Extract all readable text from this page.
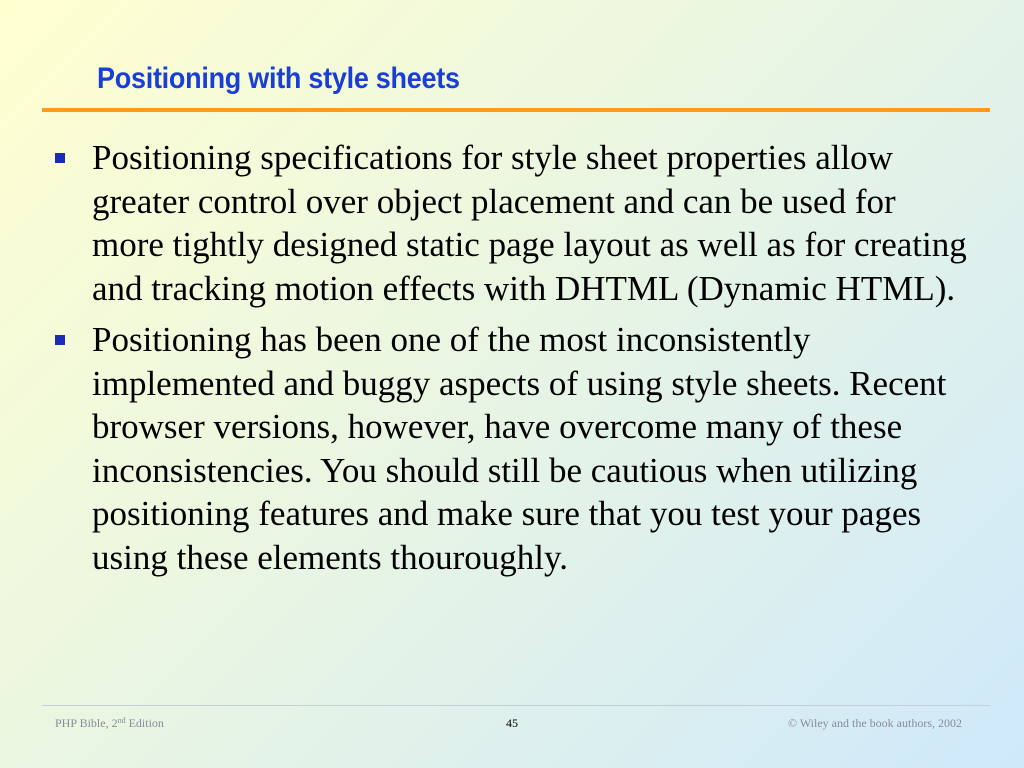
Positioning with style sheets
Positioning specifications for style sheet properties allow greater control over object placement and can be used for more tightly designed static page layout as well as for creating and tracking motion effects with DHTML (Dynamic HTML).
Positioning has been one of the most inconsistently implemented and buggy aspects of using style sheets. Recent browser versions, however, have overcome many of these inconsistencies. You should still be cautious when utilizing positioning features and make sure that you test your pages using these elements thouroughly.
PHP Bible, 2nd Edition	45	© Wiley and the book authors, 2002
